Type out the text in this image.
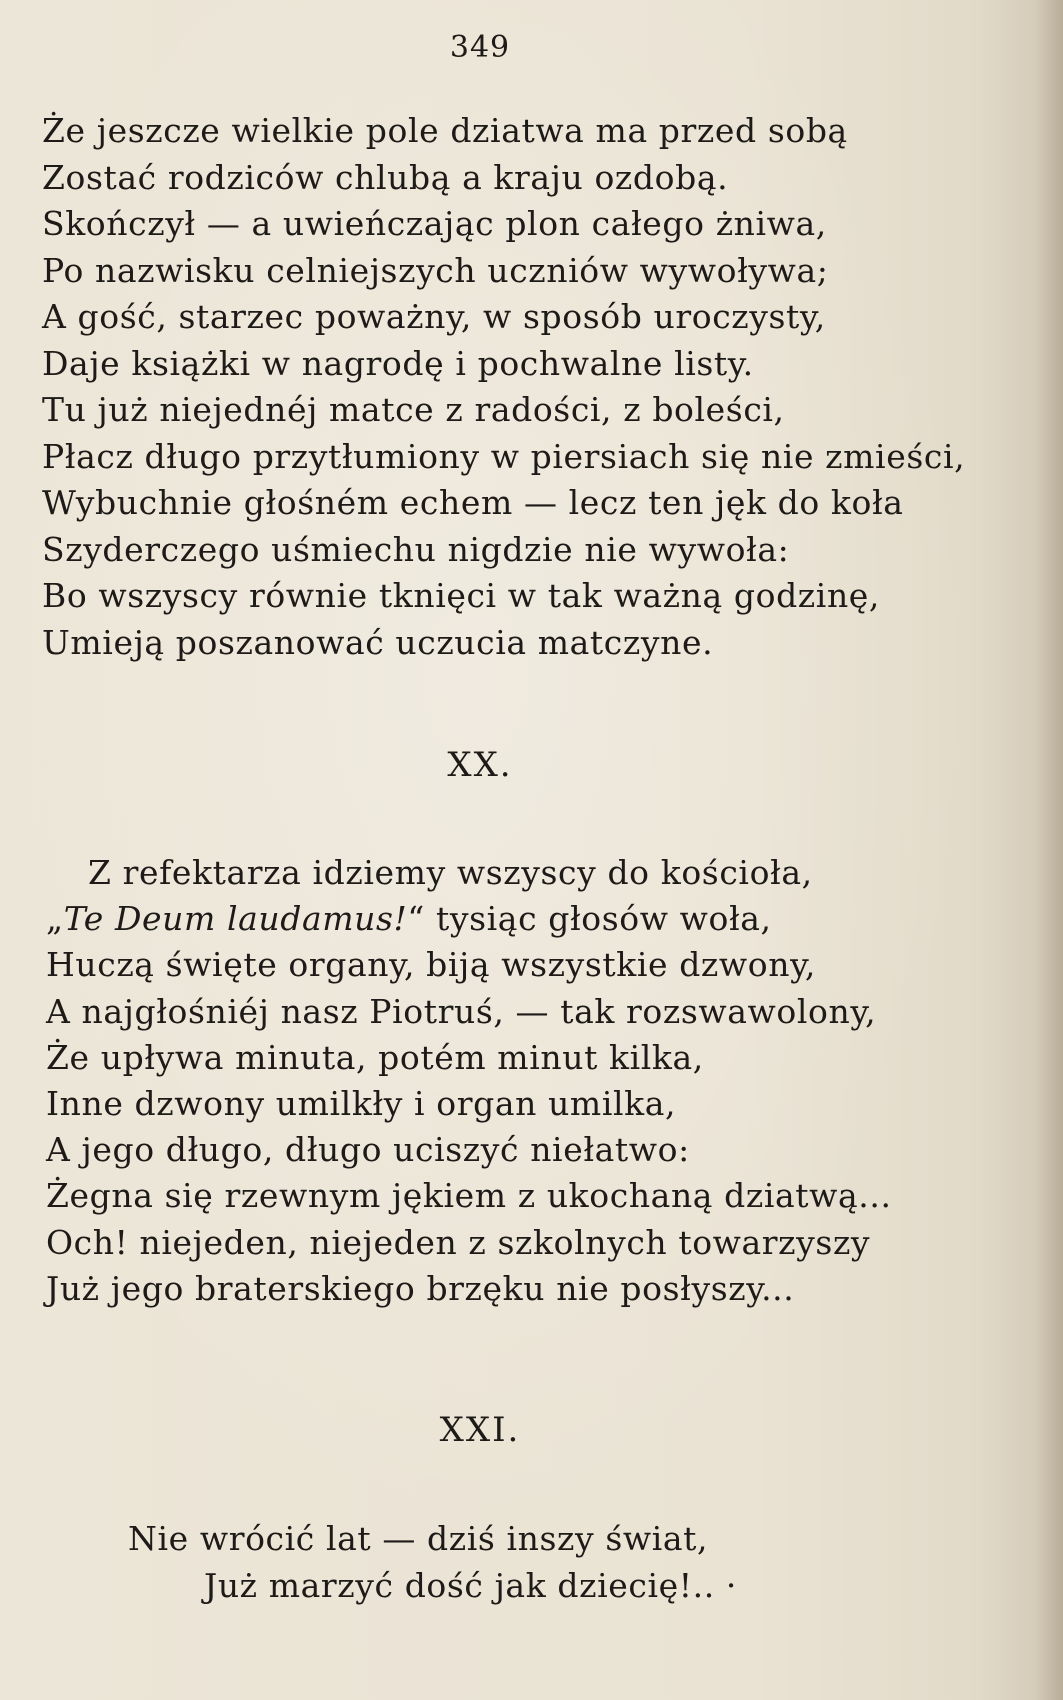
349
Że jeszcze wielkie pole dziatwa ma przed sobą
Zostać rodziców chlubą a kraju ozdobą.
Skończył — a uwieńczając plon całego żniwa,
Po nazwisku celniejszych uczniów wywoływa;
A gość, starzec poważny, w sposób uroczysty,
Daje książki w nagrodę i pochwalne listy.
Tu już niejednéj matce z radości, z boleści,
Płacz długo przytłumiony w piersiach się nie zmieści,
Wybuchnie głośném echem — lecz ten jęk do koła
Szyderczego uśmiechu nigdzie nie wywoła:
Bo wszyscy równie tknięci w tak ważną godzinę,
Umieją poszanować uczucia matczyne.
XX.
Z refektarza idziemy wszyscy do kościoła,
„Te Deum laudamus!“ tysiąc głosów woła,
Huczą święte organy, biją wszystkie dzwony,
A najgłośniéj nasz Piotruś, — tak rozswawolony,
Że upływa minuta, potém minut kilka,
Inne dzwony umilkły i organ umilka,
A jego długo, długo uciszyć niełatwo:
Żegna się rzewnym jękiem z ukochaną dziatwą...
Och! niejeden, niejeden z szkolnych towarzyszy
Już jego braterskiego brzęku nie posłyszy...
XXI.
Nie wrócić lat — dziś inszy świat,
Już marzyć dość jak dziecię!.. ·
